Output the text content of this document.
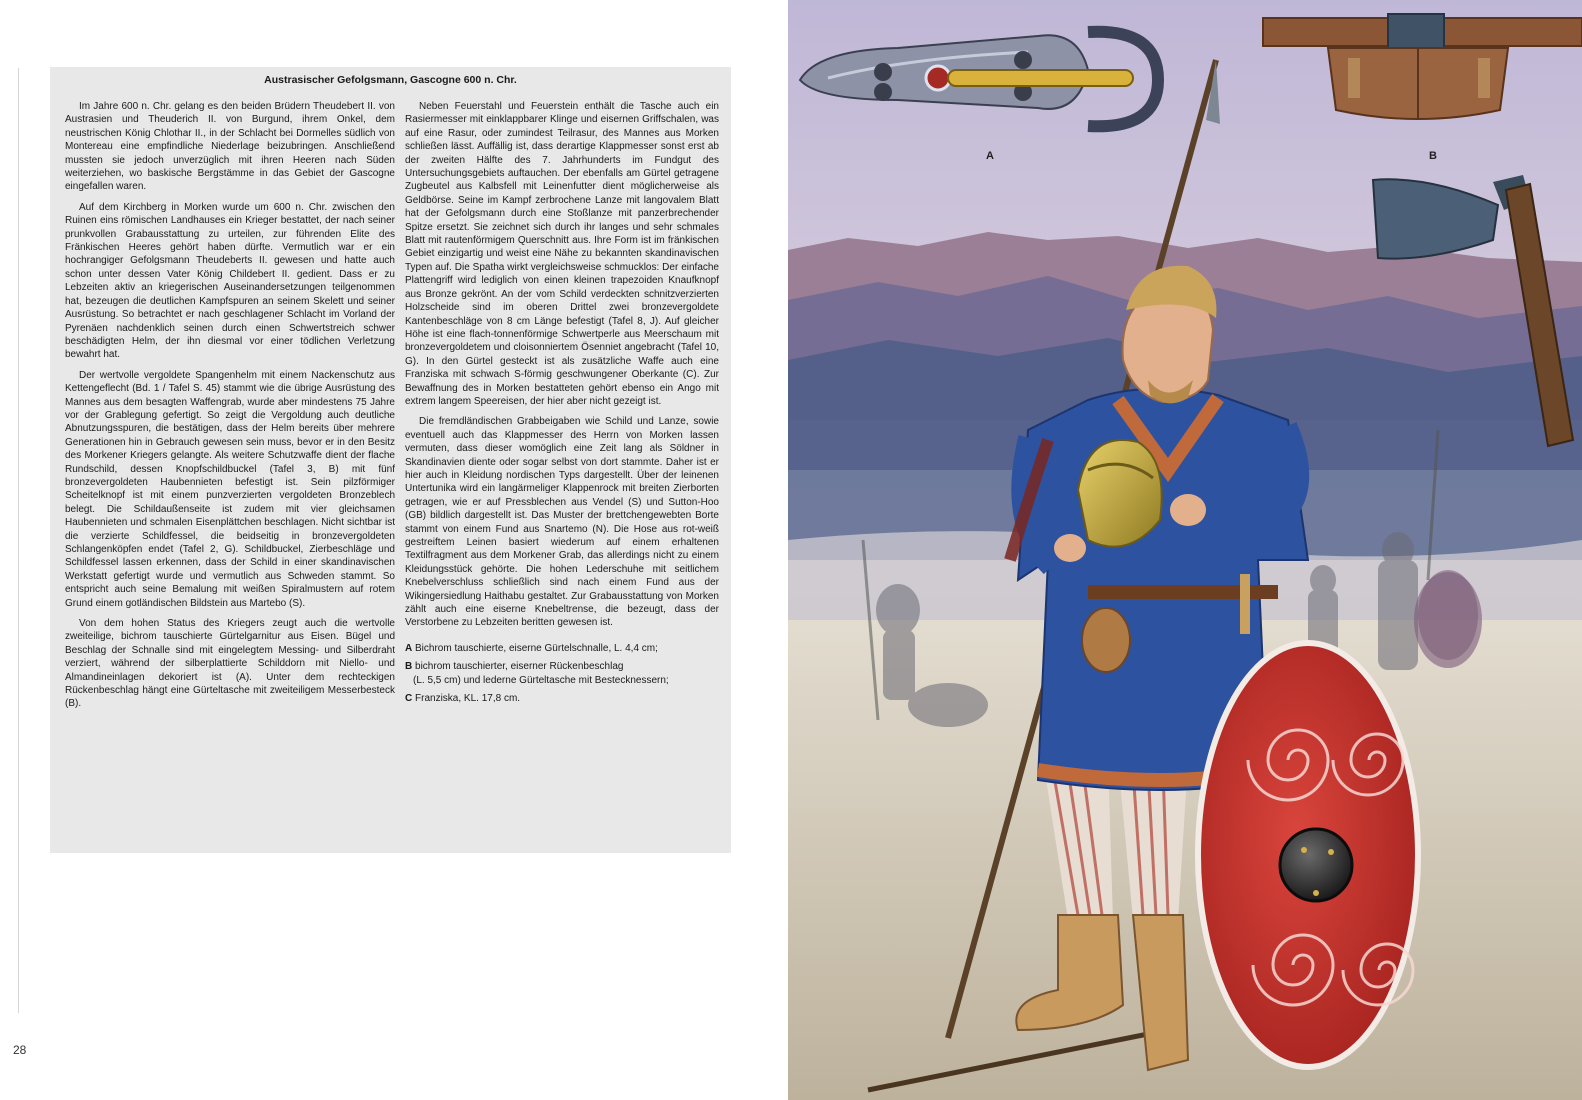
Austrasischer Gefolgsmann, Gascogne 600 n. Chr.

Im Jahre 600 n. Chr. gelang es den beiden Brüdern Theudebert II. von Austrasien und Theuderich II. von Burgund, ihrem Onkel, dem neustrischen König Chlothar II., in der Schlacht bei Dormelles südlich von Montereau eine empfindliche Niederlage beizubringen. Anschließend mussten sie jedoch unverzüglich mit ihren Heeren nach Süden weiterziehen, wo baskische Bergstämme in das Gebiet der Gascogne eingefallen waren.

Auf dem Kirchberg in Morken wurde um 600 n. Chr. zwischen den Ruinen eins römischen Landhauses ein Krieger bestattet, der nach seiner prunkvollen Grabausstattung zu urteilen, zur führenden Elite des Fränkischen Heeres gehört haben dürfte. Vermutlich war er ein hochrangiger Gefolgsmann Theudeberts II. gewesen und hatte auch schon unter dessen Vater König Childebert II. gedient. Dass er zu Lebzeiten aktiv an kriegerischen Auseinandersetzungen teilgenommen hat, bezeugen die deutlichen Kampfspuren an seinem Skelett und seiner Ausrüstung. So betrachtet er nach geschlagener Schlacht im Vorland der Pyrenäen nachdenklich seinen durch einen Schwertstreich schwer beschädigten Helm, der ihn diesmal vor einer tödlichen Verletzung bewahrt hat.

Der wertvolle vergoldete Spangenhelm mit einem Nackenschutz aus Kettengeflecht (Bd. 1 / Tafel S. 45) stammt wie die übrige Ausrüstung des Mannes aus dem besagten Waffengrab, wurde aber mindestens 75 Jahre vor der Grablegung gefertigt. So zeigt die Vergoldung auch deutliche Abnutzungsspuren, die bestätigen, dass der Helm bereits über mehrere Generationen hin in Gebrauch gewesen sein muss, bevor er in den Besitz des Morkener Kriegers gelangte. Als weitere Schutzwaffe dient der flache Rundschild, dessen Knopfschildbuckel (Tafel 3, B) mit fünf bronzevergoldeten Haubennieten befestigt ist. Sein pilzförmiger Scheitelknopf ist mit einem punzverzierten vergoldeten Bronzeblech belegt. Die Schildaußenseite ist zudem mit vier gleichsamen Haubennieten und schmalen Eisenplättchen beschlagen. Nicht sichtbar ist die verzierte Schildfessel, die beidseitig in bronzevergoldeten Schlangenköpfen endet (Tafel 2, G). Schildbuckel, Zierbeschläge und Schildfessel lassen erkennen, dass der Schild in einer skandinavischen Werkstatt gefertigt wurde und vermutlich aus Schweden stammt. So entspricht auch seine Bemalung mit weißen Spiralmustern auf rotem Grund einem gotländischen Bildstein aus Martebo (S).

Von dem hohen Status des Kriegers zeugt auch die wertvolle zweiteilige, bichrom tauschierte Gürtelgarnitur aus Eisen. Bügel und Beschlag der Schnalle sind mit eingelegtem Messing- und Silberdraht verziert, während der silberplattierte Schilddorn mit Niello- und Almandineinlagen dekoriert ist (A). Unter dem rechteckigen Rückenbeschlag hängt eine Gürteltasche mit zweiteiligem Messerbesteck (B).

Neben Feuerstahl und Feuerstein enthält die Tasche auch ein Rasiermesser mit einklappbarer Klinge und eisernen Griffschalen, was auf eine Rasur, oder zumindest Teilrasur, des Mannes aus Morken schließen lässt. Auffällig ist, dass derartige Klappmesser sonst erst ab der zweiten Hälfte des 7. Jahrhunderts im Fundgut des Untersuchungsgebiets auftauchen. Der ebenfalls am Gürtel getragene Zugbeutel aus Kalbsfell mit Leinenfutter dient möglicherweise als Geldbörse. Seine im Kampf zerbrochene Lanze mit langovalem Blatt hat der Gefolgsmann durch eine Stoßlanze mit panzerbrechender Spitze ersetzt. Sie zeichnet sich durch ihr langes und sehr schmales Blatt mit rautenförmigem Querschnitt aus. Ihre Form ist im fränkischen Gebiet einzigartig und weist eine Nähe zu bekannten skandinavischen Typen auf. Die Spatha wirkt vergleichsweise schmucklos: Der einfache Plattengriff wird lediglich von einen kleinen trapezoiden Knaufknopf aus Bronze gekrönt. An der vom Schild verdeckten schnitzverzierten Holzscheide sind im oberen Drittel zwei bronzevergoldete Kantenbeschläge von 8 cm Länge befestigt (Tafel 8, J). Auf gleicher Höhe ist eine flach-tonnenförmige Schwertperle aus Meerschaum mit bronzevergoldetem und cloisonniertem Ösenniet angebracht (Tafel 10, G). In den Gürtel gesteckt ist als zusätzliche Waffe auch eine Franziska mit schwach S-förmig geschwungener Oberkante (C). Zur Bewaffnung des in Morken bestatteten gehört ebenso ein Ango mit extrem langem Speereisen, der hier aber nicht gezeigt ist.

Die fremdländischen Grabbeigaben wie Schild und Lanze, sowie eventuell auch das Klappmesser des Herrn von Morken lassen vermuten, dass dieser womöglich eine Zeit lang als Söldner in Skandinavien diente oder sogar selbst von dort stammte. Daher ist er hier auch in Kleidung nordischen Typs dargestellt. Über der leinenen Untertunika wird ein langärmeliger Klappenrock mit breiten Zierborten getragen, wie er auf Pressblechen aus Vendel (S) und Sutton-Hoo (GB) bildlich dargestellt ist. Das Muster der brettchengewebten Borte stammt von einem Fund aus Snartemo (N). Die Hose aus rot-weiß gestreiftem Leinen basiert wiederum auf einem erhaltenen Textilfragment aus dem Morkener Grab, das allerdings nicht zu einem Kleidungsstück gehörte. Die hohen Lederschuhe mit seitlichem Knebelverschluss schließlich sind nach einem Fund aus der Wikingersiedlung Haithabu gestaltet. Zur Grabausstattung von Morken zählt auch eine eiserne Knebeltrense, die bezeugt, dass der Verstorbene zu Lebzeiten beritten gewesen ist.

A Bichrom tauschierte, eiserne Gürtelschnalle, L. 4,4 cm;
B bichrom tauschierter, eiserner Rückenbeschlag
(L. 5,5 cm) und lederne Gürteltasche mit Bestecknessern;
C Franziska, KL. 17,8 cm.
28
A	B
